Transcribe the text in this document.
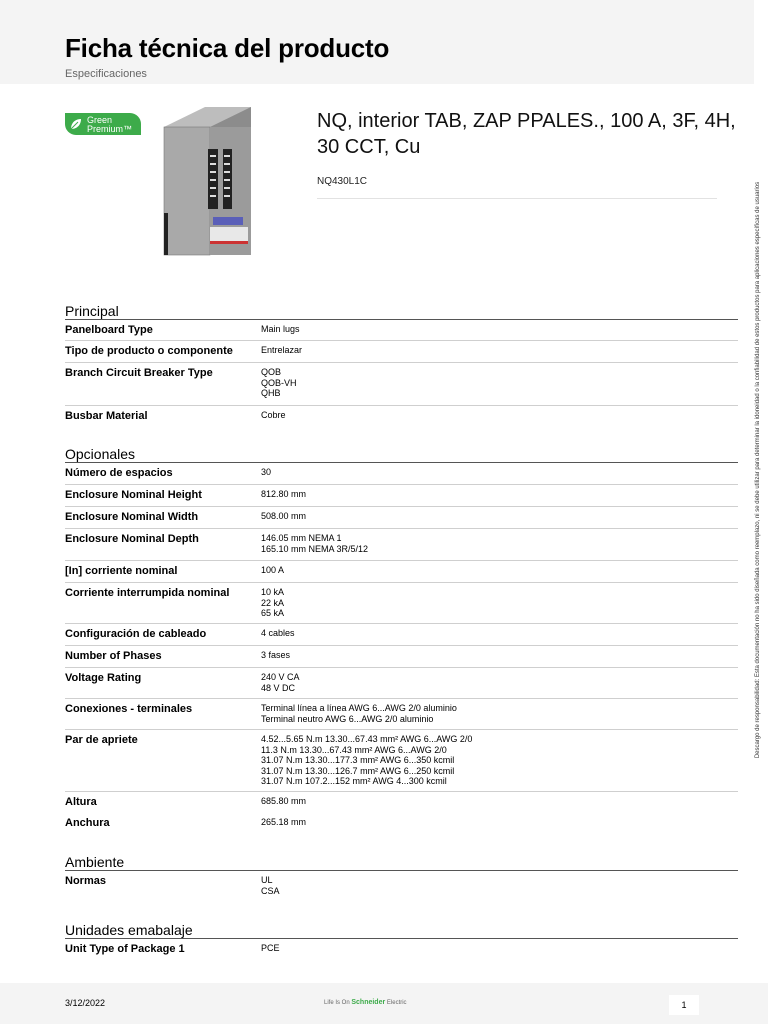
Ficha técnica del producto
Especificaciones
Green
Premium™	NQ, interior TAB, ZAP PPALES., 100 A, 3F, 4H, 30 CCT, Cu
NQ430L1C
Principal
Panelboard Type	Main lugs
Tipo de producto o componente	Entrelazar
Branch Circuit Breaker Type	QOB
QOB-VH
QHB
Busbar Material	Cobre
Opcionales
Número de espacios	30
Enclosure Nominal Height	812.80 mm
Enclosure Nominal Width	508.00 mm
Enclosure Nominal Depth	146.05 mm NEMA 1
165.10 mm NEMA 3R/5/12
[In] corriente nominal	100 A
Corriente interrumpida nominal	10 kA
22 kA
65 kA
Configuración de cableado	4 cables
Number of Phases	3 fases
Voltage Rating	240 V CA
48 V DC
Conexiones - terminales	Terminal línea a línea AWG 6...AWG 2/0 aluminio
Terminal neutro AWG 6...AWG 2/0 aluminio
Par de apriete	4.52...5.65 N.m 13.30...67.43 mm² AWG 6...AWG 2/0
11.3 N.m 13.30...67.43 mm² AWG 6...AWG 2/0
31.07 N.m 13.30...177.3 mm² AWG 6...350 kcmil
31.07 N.m 13.30...126.7 mm² AWG 6...250 kcmil
31.07 N.m 107.2...152 mm² AWG 4...300 kcmil
Altura	685.80 mm
Anchura	265.18 mm
Ambiente
Normas	UL
CSA
Unidades emabalaje
Unit Type of Package 1	PCE
Descargo de responsabilidad: Esta documentación no ha sido diseñada como reemplazo, ni se debe utilizar para determinar la idoneidad o la confiabilidad de estos productos para aplicaciones específicas de usuarios
3/12/2022	Life Is On Schneider Electric	1
